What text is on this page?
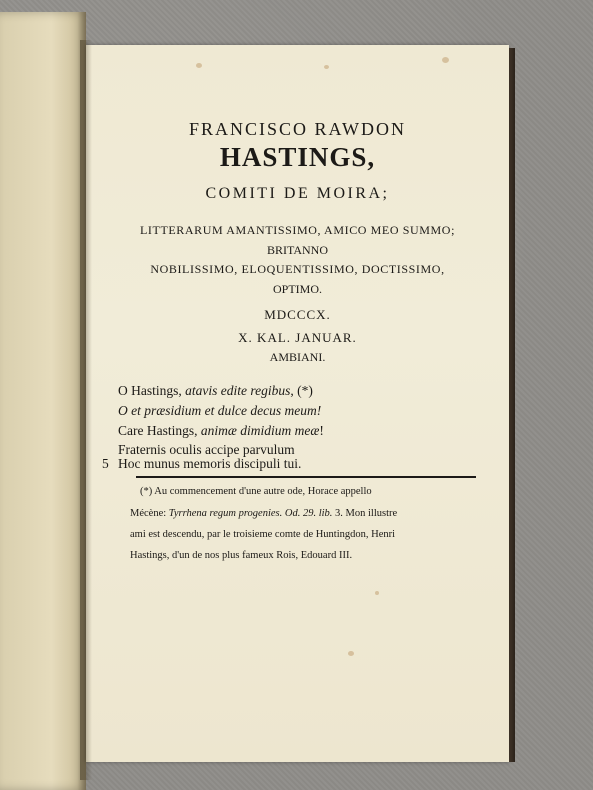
FRANCISCO RAWDON
HASTINGS,
COMITI DE MOIRA;
LITTERARUM AMANTISSIMO, AMICO MEO SUMMO;
BRITANNO
NOBILISSIMO, ELOQUENTISSIMO, DOCTISSIMO,
OPTIMO.
MDCCCX.
X. KAL. JANUAR.
AMBIANI.
O Hastings, atavis edite regibus, (*)
O et præsidium et dulce decus meum!
Care Hastings, animæ dimidium meæ!
Fraternis oculis accipe parvulum
5 Hoc munus memoris discipuli tui.
(*) Au commencement d'une autre ode, Horace appello
Mécène: Tyrrhena regum progenies. Od. 29. lib. 3. Mon illustre
ami est descendu, par le troisieme comte de Huntingdon, Henri
Hastings, d'un de nos plus fameux Rois, Edouard III.
